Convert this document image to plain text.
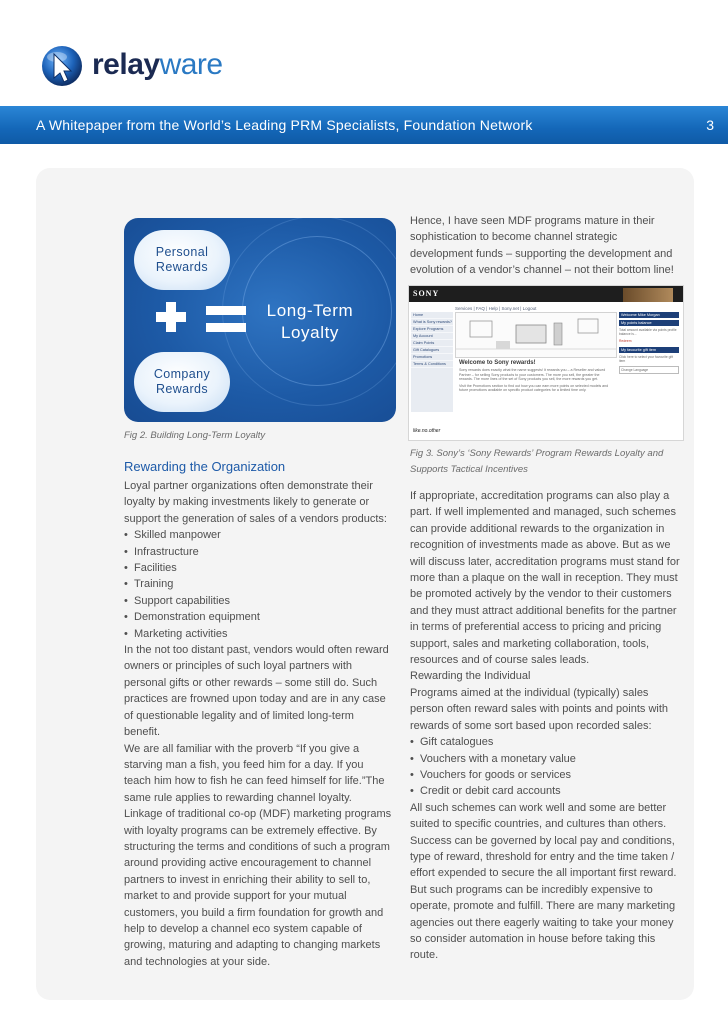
relayware
A Whitepaper from the World’s Leading PRM Specialists, Foundation Network	3
Personal
Rewards
Long-Term
Loyalty
Company
Rewards
Fig 2. Building Long-Term Loyalty
Rewarding the Organization

Loyal partner organizations often demonstrate their loyalty by making investments likely to generate or support the generation of sales of a vendors products:

• Skilled manpower
• Infrastructure
• Facilities
• Training
• Support capabilities
• Demonstration equipment
• Marketing activities

In the not too distant past, vendors would often reward owners or principles of such loyal partners with personal gifts or other rewards – some still do. Such practices are frowned upon today and are in any case of questionable legality and of limited long-term benefit.

We are all familiar with the proverb “If you give a starving man a fish, you feed him for a day. If you teach him how to fish he can feed himself for life.”The same rule applies to rewarding channel loyalty. Linkage of traditional co-op (MDF) marketing programs with loyalty programs can be extremely effective. By structuring the terms and conditions of such a program around providing active encouragement to channel partners to invest in enriching their ability to sell to, market to and provide support for your mutual customers, you build a firm foundation for growth and help to develop a channel eco system capable of growing, maturing and adapting to changing markets and technologies at your side.

Hence, I have seen MDF programs mature in their sophistication to become channel strategic development funds – supporting the development and evolution of a vendor’s channel – not their bottom line!

SONY
Services | FAQ | Help | Sony.net | Logout
Home
What is Sony rewards?
Explore Programs
My Account
Claim Points
Gift Catalogues
Promotions
Terms & Conditions
Welcome Mike Morgan
My points balance
Total amount available via points profile balance is...
Redeem
My favourite gift item
Click here to select your favourite gift item
Change Language
Welcome to Sony rewards!
Sony rewards does exactly what the name suggests! It rewards you – a Reseller and valued Partner – for selling Sony products to your customers. The more you sell, the greater the rewards. The more lines of the set of Sony products you sell, the more rewards you get.
Visit the Promotions section to find out how you can earn more points on selected models and future promotions available on specific product categories for a limited time only.
like.no.other
Fig 3. Sony’s ‘Sony Rewards’ Program Rewards Loyalty and Supports Tactical Incentives

If appropriate, accreditation programs can also play a part. If well implemented and managed, such schemes can provide additional rewards to the organization in recognition of investments made as above. But as we will discuss later, accreditation programs must stand for more than a plaque on the wall in reception. They must be promoted actively by the vendor to their customers and they must attract additional benefits for the partner in terms of preferential access to pricing and pricing support, sales and marketing collaboration, tools, resources and of course sales leads.

Rewarding the Individual

Programs aimed at the individual (typically) sales person often reward sales with points and points with rewards of some sort based upon recorded sales:

• Gift catalogues
• Vouchers with a monetary value
• Vouchers for goods or services
• Credit or debit card accounts

All such schemes can work well and some are better suited to specific countries, and cultures than others. Success can be governed by local pay and conditions, type of reward, threshold for entry and the time taken / effort expended to secure the all important first reward. But such programs can be incredibly expensive to operate, promote and fulfill. There are many marketing agencies out there eagerly waiting to take your money so consider automation in house before taking this route.
